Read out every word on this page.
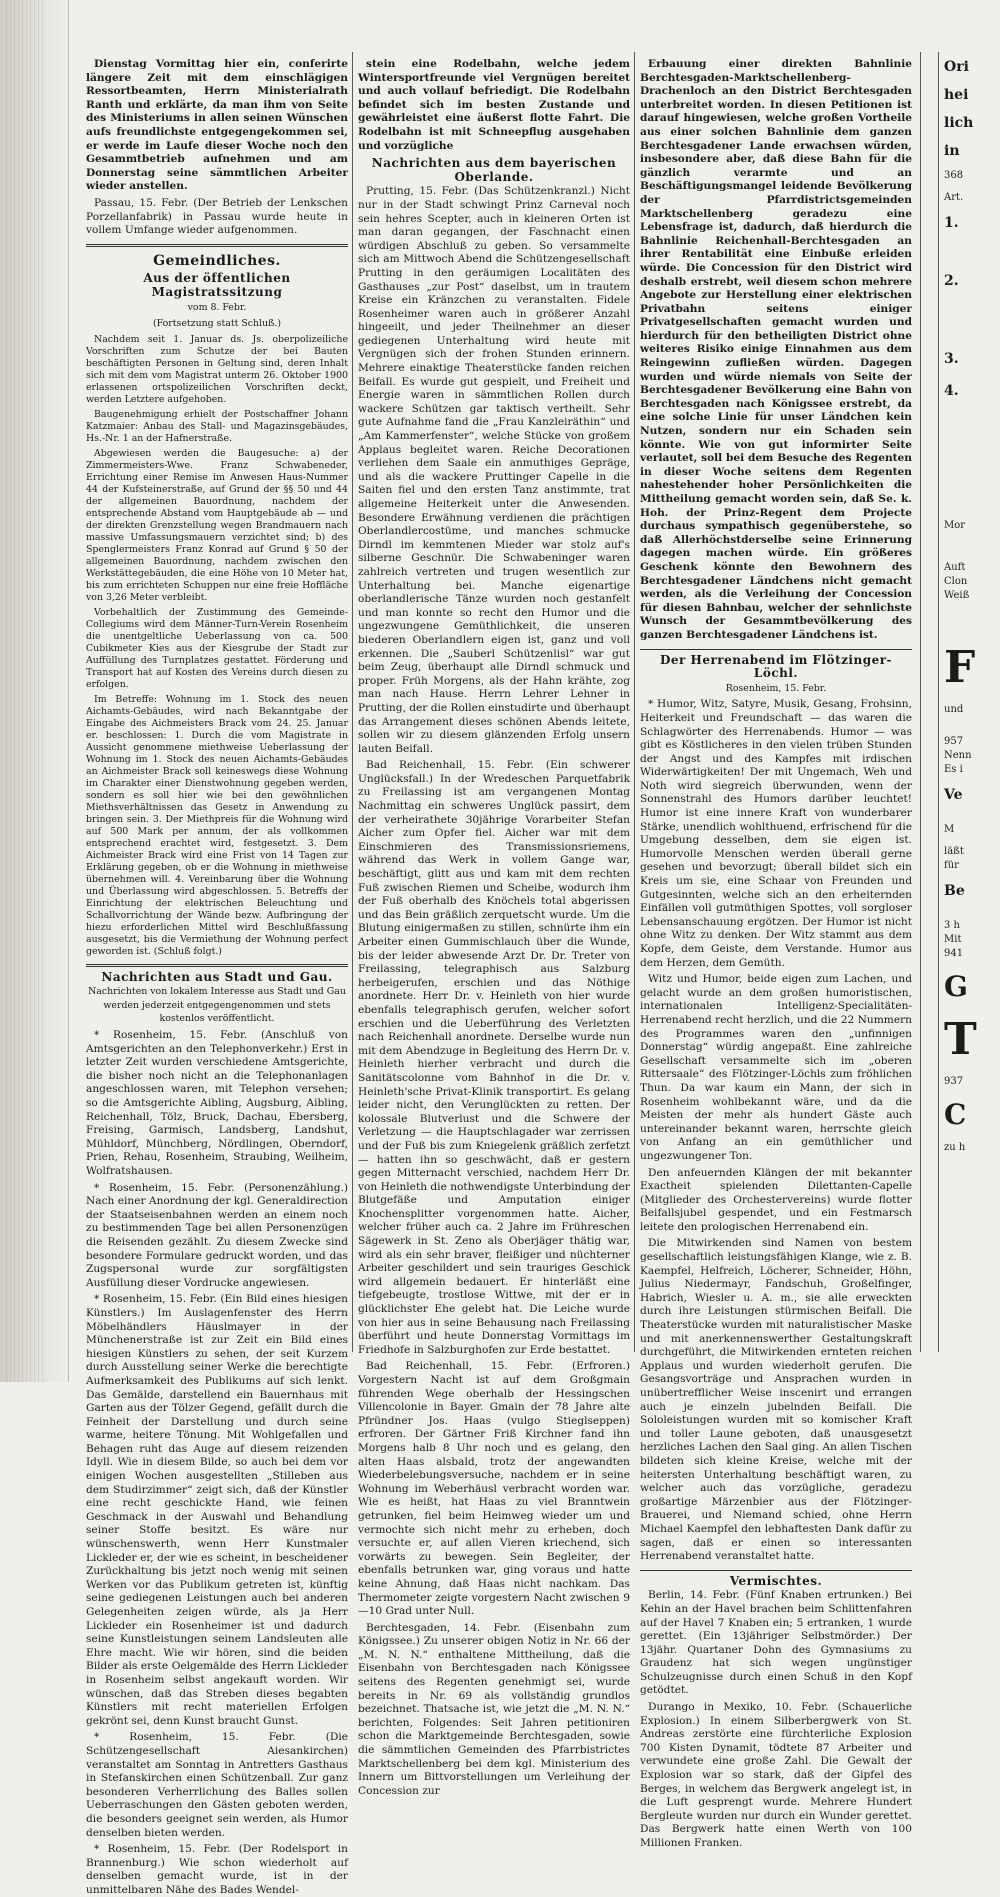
Dienstag Vormittag hier ein, conferirte längere Zeit mit dem einschlägigen Ressortbeamten, Herrn Ministerialrath Ranth und erklärte, da man ihm von Seite des Ministeriums in allen seinen Wünschen aufs freundlichste entgegengekommen sei, er werde im Laufe dieser Woche noch den Gesammtbetrieb aufnehmen und am Donnerstag seine sämmtlichen Arbeiter wieder anstellen.

Passau, 15. Febr. (Der Betrieb der Lenkschen Porzellanfabrik) in Passau wurde heute in vollem Umfange wieder aufgenommen.

Gemeindliches.
Aus der öffentlichen Magistratssitzung
vom 8. Febr.
(Fortsetzung statt Schluß.)

Nachdem seit 1. Januar ds. Js. oberpolizeiliche Vorschriften zum Schutze der bei Bauten beschäftigten Personen in Geltung sind, deren Inhalt sich mit dem vom Magistrat unterm 26. Oktober 1900 erlassenen ortspolizeilichen Vorschriften deckt, werden Letztere aufgehoben.

Baugenehmigung erhielt der Postschaffner Johann Katzmaier: Anbau des Stall- und Magazinsgebäudes, Hs.-Nr. 1 an der Hafnerstraße.

Abgewiesen werden die Baugesuche: a) der Zimmermeisters-Wwe. Franz Schwabeneder, Errichtung einer Remise im Anwesen Haus-Nummer 44 der Kufsteinerstraße, auf Grund der §§ 50 und 44 der allgemeinen Bauordnung, nachdem der entsprechende Abstand vom Hauptgebäude ab — und der direkten Grenzstellung wegen Brandmauern nach massive Umfassungsmauern verzichtet sind; b) des Spenglermeisters Franz Konrad auf Grund § 50 der allgemeinen Bauordnung, nachdem zwischen den Werkstättegebäuden, die eine Höhe von 10 Meter hat, bis zum errichteten Schuppen nur eine freie Hoffläche von 3,26 Meter verbleibt.

Vorbehaltlich der Zustimmung des Gemeinde-Collegiums wird dem Männer-Turn-Verein Rosenheim die unentgeltliche Ueberlassung von ca. 500 Cubikmeter Kies aus der Kiesgrube der Stadt zur Auffüllung des Turnplatzes gestattet. Förderung und Transport hat auf Kosten des Vereins durch diesen zu erfolgen.

Im Betreffe: Wohnung im 1. Stock des neuen Aichamts-Gebäudes, wird nach Bekanntgabe der Eingabe des Aichmeisters Brack vom 24. 25. Januar er. beschlossen: 1. Durch die vom Magistrate in Aussicht genommene miethweise Ueberlassung der Wohnung im 1. Stock des neuen Aichamts-Gebäudes an Aichmeister Brack soll keineswegs diese Wohnung im Charakter einer Dienstwohnung gegeben werden, sondern es soll hier wie bei den gewöhnlichen Miethsverhältnissen das Gesetz in Anwendung zu bringen sein. 3. Der Miethpreis für die Wohnung wird auf 500 Mark per annum, der als vollkommen entsprechend erachtet wird, festgesetzt. 3. Dem Aichmeister Brack wird eine Frist von 14 Tagen zur Erklärung gegeben, ob er die Wohnung in miethweise übernehmen will. 4. Vereinbarung über die Wohnung und Überlassung wird abgeschlossen. 5. Betreffs der Einrichtung der elektrischen Beleuchtung und Schallvorrichtung der Wände bezw. Aufbringung der hiezu erforderlichen Mittel wird Beschlußfassung ausgesetzt, bis die Vermiethung der Wohnung perfect geworden ist. (Schluß folgt.)

Nachrichten aus Stadt und Gau.
Nachrichten von lokalem Interesse aus Stadt und Gau werden jederzeit entgegengenommen und stets kostenlos veröffentlicht.

* Rosenheim, 15. Febr. (Anschluß von Amtsgerichten an den Telephonverkehr.) Erst in letzter Zeit wurden verschiedene Amtsgerichte, die bisher noch nicht an die Telephonanlagen angeschlossen waren, mit Telephon versehen; so die Amtsgerichte Aibling, Augsburg, Aibling, Reichenhall, Tölz, Bruck, Dachau, Ebersberg, Freising, Garmisch, Landsberg, Landshut, Mühldorf, Münchberg, Nördlingen, Oberndorf, Prien, Rehau, Rosenheim, Straubing, Weilheim, Wolfratshausen.

* Rosenheim, 15. Febr. (Personenzählung.) Nach einer Anordnung der kgl. Generaldirection der Staatseisenbahnen werden an einem noch zu bestimmenden Tage bei allen Personenzügen die Reisenden gezählt. Zu diesem Zwecke sind besondere Formulare gedruckt worden, und das Zugspersonal wurde zur sorgfältigsten Ausfüllung dieser Vordrucke angewiesen.

* Rosenheim, 15. Febr. (Ein Bild eines hiesigen Künstlers.) Im Auslagenfenster des Herrn Möbelhändlers Häuslmayer in der Münchenerstraße ist zur Zeit ein Bild eines hiesigen Künstlers zu sehen, der seit Kurzem durch Ausstellung seiner Werke die berechtigte Aufmerksamkeit des Publikums auf sich lenkt. Das Gemälde, darstellend ein Bauernhaus mit Garten aus der Tölzer Gegend, gefällt durch die Feinheit der Darstellung und durch seine warme, heitere Tönung. Mit Wohlgefallen und Behagen ruht das Auge auf diesem reizenden Idyll. Wie in diesem Bilde, so auch bei dem vor einigen Wochen ausgestellten „Stilleben aus dem Studirzimmer“ zeigt sich, daß der Künstler eine recht geschickte Hand, wie feinen Geschmack in der Auswahl und Behandlung seiner Stoffe besitzt. Es wäre nur wünschenswerth, wenn Herr Kunstmaler Lickleder er, der wie es scheint, in bescheidener Zurückhaltung bis jetzt noch wenig mit seinen Werken vor das Publikum getreten ist, künftig seine gediegenen Leistungen auch bei anderen Gelegenheiten zeigen würde, als ja Herr Lickleder ein Rosenheimer ist und dadurch seine Kunstleistungen seinem Landsleuten alle Ehre macht. Wie wir hören, sind die beiden Bilder als erste Oelgemälde des Herrn Lickleder in Rosenheim selbst angekauft worden. Wir wünschen, daß das Streben dieses begabten Künstlers mit recht materiellen Erfolgen gekrönt sei, denn Kunst braucht Gunst.

* Rosenheim, 15. Febr. (Die Schützengesellschaft Aiesankirchen) veranstaltet am Sonntag in Antretters Gasthaus in Stefanskirchen einen Schützenball. Zur ganz besonderen Verherrlichung des Balles sollen Ueberraschungen den Gästen geboten werden, die besonders geeignet sein werden, als Humor denselben bieten werden.

* Rosenheim, 15. Febr. (Der Rodelsport in Brannenburg.) Wie schon wiederholt auf denselben gemacht wurde, ist in der unmittelbaren Nähe des Bades Wendel-

stein eine Rodelbahn, welche jedem Wintersportfreunde viel Vergnügen bereitet und auch vollauf befriedigt. Die Rodelbahn befindet sich im besten Zustande und gewährleistet eine äußerst flotte Fahrt. Die Rodelbahn ist mit Schneepflug ausgehaben und vorzügliche

Nachrichten aus dem bayerischen Oberlande.

Prutting, 15. Febr. (Das Schützenkranzl.) Nicht nur in der Stadt schwingt Prinz Carneval noch sein hehres Scepter, auch in kleineren Orten ist man daran gegangen, der Faschnacht einen würdigen Abschluß zu geben. So versammelte sich am Mittwoch Abend die Schützengesellschaft Prutting in den geräumigen Localitäten des Gasthauses „zur Post“ daselbst, um in trautem Kreise ein Kränzchen zu veranstalten. Fidele Rosenheimer waren auch in größerer Anzahl hingeeilt, und jeder Theilnehmer an dieser gediegenen Unterhaltung wird heute mit Vergnügen sich der frohen Stunden erinnern. Mehrere einaktige Theaterstücke fanden reichen Beifall. Es wurde gut gespielt, und Freiheit und Energie waren in sämmtlichen Rollen durch wackere Schützen gar taktisch vertheilt. Sehr gute Aufnahme fand die „Frau Kanzleiräthin“ und „Am Kammerfenster“, welche Stücke von großem Applaus begleitet waren. Reiche Decorationen verliehen dem Saale ein anmuthiges Gepräge, und als die wackere Pruttinger Capelle in die Saiten fiel und den ersten Tanz anstimmte, trat allgemeine Heiterkeit unter die Anwesenden. Besondere Erwähnung verdienen die prächtigen Oberlandlercostüme, und manches schmucke Dirndl im kemmtenen Mieder war stolz auf's silberne Geschnür. Die Schwabeninger waren zahlreich vertreten und trugen wesentlich zur Unterhaltung bei. Manche eigenartige oberlandlerische Tänze wurden noch gestanfelt und man konnte so recht den Humor und die ungezwungene Gemüthlichkeit, die unseren biederen Oberlandlern eigen ist, ganz und voll erkennen. Die „Sauberl Schützenlisl“ war gut beim Zeug, überhaupt alle Dirndl schmuck und proper. Früh Morgens, als der Hahn krähte, zog man nach Hause. Herrn Lehrer Lehner in Prutting, der die Rollen einstudirte und überhaupt das Arrangement dieses schönen Abends leitete, sollen wir zu diesem glänzenden Erfolg unsern lauten Beifall.

Bad Reichenhall, 15. Febr. (Ein schwerer Unglücksfall.) In der Wredeschen Parquetfabrik zu Freilassing ist am vergangenen Montag Nachmittag ein schweres Unglück passirt, dem der verheirathete 30jährige Vorarbeiter Stefan Aicher zum Opfer fiel. Aicher war mit dem Einschmieren des Transmissionsriemens, während das Werk in vollem Gange war, beschäftigt, glitt aus und kam mit dem rechten Fuß zwischen Riemen und Scheibe, wodurch ihm der Fuß oberhalb des Knöchels total abgerissen und das Bein gräßlich zerquetscht wurde. Um die Blutung einigermaßen zu stillen, schnürte ihm ein Arbeiter einen Gummischlauch über die Wunde, bis der leider abwesende Arzt Dr. Dr. Treter von Freilassing, telegraphisch aus Salzburg herbeigerufen, erschien und das Nöthige anordnete. Herr Dr. v. Heinleth von hier wurde ebenfalls telegraphisch gerufen, welcher sofort erschien und die Ueberführung des Verletzten nach Reichenhall anordnete. Derselbe wurde nun mit dem Abendzuge in Begleitung des Herrn Dr. v. Heinleth hierher verbracht und durch die Sanitätscolonne vom Bahnhof in die Dr. v. Heinleth'sche Privat-Klinik transportirt. Es gelang leider nicht, den Verunglückten zu retten. Der kolossale Blutverlust und die Schwere der Verletzung — die Hauptschlagader war zerrissen und der Fuß bis zum Kniegelenk gräßlich zerfetzt — hatten ihn so geschwächt, daß er gestern gegen Mitternacht verschied, nachdem Herr Dr. von Heinleth die nothwendigste Unterbindung der Blutgefäße und Amputation einiger Knochensplitter vorgenommen hatte. Aicher, welcher früher auch ca. 2 Jahre im Frühreschen Sägewerk in St. Zeno als Oberjäger thätig war, wird als ein sehr braver, fleißiger und nüchterner Arbeiter geschildert und sein trauriges Geschick wird allgemein bedauert. Er hinterläßt eine tiefgebeugte, trostlose Wittwe, mit der er in glücklichster Ehe gelebt hat. Die Leiche wurde von hier aus in seine Behausung nach Freilassing überführt und heute Donnerstag Vormittags im Friedhofe in Salzburghofen zur Erde bestattet.

Bad Reichenhall, 15. Febr. (Erfroren.) Vorgestern Nacht ist auf dem Großgmain führenden Wege oberhalb der Hessingschen Villencolonie in Bayer. Gmain der 78 Jahre alte Pfründner Jos. Haas (vulgo Stieglseppen) erfroren. Der Gärtner Friß Kirchner fand ihn Morgens halb 8 Uhr noch und es gelang, den alten Haas alsbald, trotz der angewandten Wiederbelebungsversuche, nachdem er in seine Wohnung im Weberhäusl verbracht worden war. Wie es heißt, hat Haas zu viel Branntwein getrunken, fiel beim Heimweg wieder um und vermochte sich nicht mehr zu erheben, doch versuchte er, auf allen Vieren kriechend, sich vorwärts zu bewegen. Sein Begleiter, der ebenfalls betrunken war, ging voraus und hatte keine Ahnung, daß Haas nicht nachkam. Das Thermometer zeigte vorgestern Nacht zwischen 9—10 Grad unter Null.

Berchtesgaden, 14. Febr. (Eisenbahn zum Königssee.) Zu unserer obigen Notiz in Nr. 66 der „M. N. N.“ enthaltene Mittheilung, daß die Eisenbahn von Berchtesgaden nach Königssee seitens des Regenten genehmigt sei, wurde bereits in Nr. 69 als vollständig grundlos bezeichnet. Thatsache ist, wie jetzt die „M. N. N.“ berichten, Folgendes: Seit Jahren petitioniren schon die Marktgemeinde Berchtesgaden, sowie die sämmtlichen Gemeinden des Pfarrbistrictes Marktschellenberg bei dem kgl. Ministerium des Innern um Bittvorstellungen um Verleihung der Concession zur

Erbauung einer direkten Bahnlinie Berchtesgaden-Marktschellenberg-Drachenloch an den District Berchtesgaden unterbreitet worden. In diesen Petitionen ist darauf hingewiesen, welche großen Vortheile aus einer solchen Bahnlinie dem ganzen Berchtesgadener Lande erwachsen würden, insbesondere aber, daß diese Bahn für die gänzlich verarmte und an Beschäftigungsmangel leidende Bevölkerung der Pfarrdistrictsgemeinden Marktschellenberg geradezu eine Lebensfrage ist, dadurch, daß hierdurch die Bahnlinie Reichenhall-Berchtesgaden an ihrer Rentabilität eine Einbuße erleiden würde. Die Concession für den District wird deshalb erstrebt, weil diesem schon mehrere Angebote zur Herstellung einer elektrischen Privatbahn seitens einiger Privatgesellschaften gemacht wurden und hierdurch für den betheiligten District ohne weiteres Risiko einige Einnahmen aus dem Reingewinn zufließen würden. Dagegen wurden und würde niemals von Seite der Berchtesgadener Bevölkerung eine Bahn von Berchtesgaden nach Königssee erstrebt, da eine solche Linie für unser Ländchen kein Nutzen, sondern nur ein Schaden sein könnte. Wie von gut informirter Seite verlautet, soll bei dem Besuche des Regenten in dieser Woche seitens dem Regenten nahestehender hoher Persönlichkeiten die Mittheilung gemacht worden sein, daß Se. k. Hoh. der Prinz-Regent dem Projecte durchaus sympathisch gegenüberstehe, so daß Allerhöchstderselbe seine Erinnerung dagegen machen würde. Ein größeres Geschenk könnte den Bewohnern des Berchtesgadener Ländchens nicht gemacht werden, als die Verleihung der Concession für diesen Bahnbau, welcher der sehnlichste Wunsch der Gesammtbevölkerung des ganzen Berchtesgadener Ländchens ist.

Der Herrenabend im Flötzinger-Löchl.
Rosenheim, 15. Febr.

* Humor, Witz, Satyre, Musik, Gesang, Frohsinn, Heiterkeit und Freundschaft — das waren die Schlagwörter des Herrenabends. Humor — was gibt es Köstlicheres in den vielen trüben Stunden der Angst und des Kampfes mit irdischen Widerwärtigkeiten! Der mit Ungemach, Weh und Noth wird siegreich überwunden, wenn der Sonnenstrahl des Humors darüber leuchtet! Humor ist eine innere Kraft von wunderbarer Stärke, unendlich wohlthuend, erfrischend für die Umgebung desselben, dem sie eigen ist. Humorvolle Menschen werden überall gerne gesehen und bevorzugt; überall bildet sich ein Kreis um sie, eine Schaar von Freunden und Gutgesinnten, welche sich an den erheiternden Einfällen voll gutmüthigen Spottes, voll sorgloser Lebensanschauung ergötzen. Der Humor ist nicht ohne Witz zu denken. Der Witz stammt aus dem Kopfe, dem Geiste, dem Verstande. Humor aus dem Herzen, dem Gemüth.

Witz und Humor, beide eigen zum Lachen, und gelacht wurde an dem großen humoristischen, internationalen Intelligenz-Specialitäten-Herrenabend recht herzlich, und die 22 Nummern des Programmes waren den „unfinnigen Donnerstag“ würdig angepaßt. Eine zahlreiche Gesellschaft versammelte sich im „oberen Rittersaale“ des Flötzinger-Löchls zum fröhlichen Thun. Da war kaum ein Mann, der sich in Rosenheim wohlbekannt wäre, und da die Meisten der mehr als hundert Gäste auch untereinander bekannt waren, herrschte gleich von Anfang an ein gemüthlicher und ungezwungener Ton.

Den anfeuernden Klängen der mit bekannter Exactheit spielenden Dilettanten-Capelle (Mitglieder des Orchestervereins) wurde flotter Beifallsjubel gespendet, und ein Festmarsch leitete den prologischen Herrenabend ein.

Die Mitwirkenden sind Namen von bestem gesellschaftlich leistungsfähigen Klange, wie z. B. Kaempfel, Helfreich, Löcherer, Schneider, Höhn, Julius Niedermayr, Fandschuh, Großelfinger, Habrich, Wiesler u. A. m., sie alle erweckten durch ihre Leistungen stürmischen Beifall. Die Theaterstücke wurden mit naturalistischer Maske und mit anerkennenswerther Gestaltungskraft durchgeführt, die Mitwirkenden ernteten reichen Applaus und wurden wiederholt gerufen. Die Gesangsvorträge und Ansprachen wurden in unübertrefflicher Weise inscenirt und errangen auch je einzeln jubelnden Beifall. Die Sololeistungen wurden mit so komischer Kraft und toller Laune geboten, daß unausgesetzt herzliches Lachen den Saal ging. An allen Tischen bildeten sich kleine Kreise, welche mit der heitersten Unterhaltung beschäftigt waren, zu welcher auch das vorzügliche, geradezu großartige Märzenbier aus der Flötzinger-Brauerei, und Niemand schied, ohne Herrn Michael Kaempfel den lebhaftesten Dank dafür zu sagen, daß er einen so interessanten Herrenabend veranstaltet hatte.

Vermischtes.

Berlin, 14. Febr. (Fünf Knaben ertrunken.) Bei Kehin an der Havel brachen beim Schlittenfahren auf der Havel 7 Knaben ein; 5 ertranken, 1 wurde gerettet. (Ein 13jähriger Selbstmörder.) Der 13jähr. Quartaner Dohn des Gymnasiums zu Graudenz hat sich wegen ungünstiger Schulzeugnisse durch einen Schuß in den Kopf getödtet.

Durango in Mexiko, 10. Febr. (Schauerliche Explosion.) In einem Silberbergwerk von St. Andreas zerstörte eine fürchterliche Explosion 700 Kisten Dynamit, tödtete 87 Arbeiter und verwundete eine große Zahl. Die Gewalt der Explosion war so stark, daß der Gipfel des Berges, in welchem das Bergwerk angelegt ist, in die Luft gesprengt wurde. Mehrere Hundert Bergleute wurden nur durch ein Wunder gerettet. Das Bergwerk hatte einen Werth von 100 Millionen Franken.

Ori
hei
lich
in
368
Art.
1.
2.
3.
4.
Mor
Auft
Clon
Weiß
F
und
957
Nenn
Es i
Ve
M
läßt
für
Be
3 h
Mit
941
G
T
937
C
zu h
